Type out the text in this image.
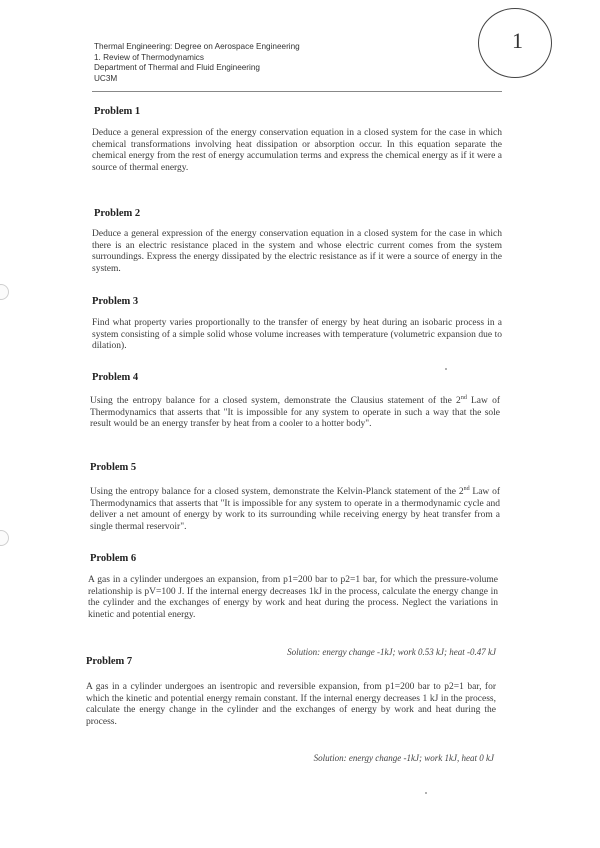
Thermal Engineering: Degree on Aerospace Engineering
1. Review of Thermodynamics
Department of Thermal and Fluid Engineering
UC3M
1
Problem 1
Deduce a general expression of the energy conservation equation in a closed system for the case in which chemical transformations involving heat dissipation or absorption occur. In this equation separate the chemical energy from the rest of energy accumulation terms and express the chemical energy as if it were a source of thermal energy.
Problem 2
Deduce a general expression of the energy conservation equation in a closed system for the case in which there is an electric resistance placed in the system and whose electric current comes from the system surroundings. Express the energy dissipated by the electric resistance as if it were a source of energy in the system.
Problem 3
Find what property varies proportionally to the transfer of energy by heat during an isobaric process in a system consisting of a simple solid whose volume increases with temperature (volumetric expansion due to dilation).
Problem 4
Using the entropy balance for a closed system, demonstrate the Clausius statement of the 2nd Law of Thermodynamics that asserts that "It is impossible for any system to operate in such a way that the sole result would be an energy transfer by heat from a cooler to a hotter body".
Problem 5
Using the entropy balance for a closed system, demonstrate the Kelvin-Planck statement of the 2nd Law of Thermodynamics that asserts that "It is impossible for any system to operate in a thermodynamic cycle and deliver a net amount of energy by work to its surrounding while receiving energy by heat transfer from a single thermal reservoir".
Problem 6
A gas in a cylinder undergoes an expansion, from p1=200 bar to p2=1 bar, for which the pressure-volume relationship is pV=100 J. If the internal energy decreases 1kJ in the process, calculate the energy change in the cylinder and the exchanges of energy by work and heat during the process. Neglect the variations in kinetic and potential energy.
Solution: energy change -1kJ; work 0.53 kJ; heat -0.47 kJ
Problem 7
A gas in a cylinder undergoes an isentropic and reversible expansion, from p1=200 bar to p2=1 bar, for which the kinetic and potential energy remain constant. If the internal energy decreases 1 kJ in the process, calculate the energy change in the cylinder and the exchanges of energy by work and heat during the process.
Solution: energy change -1kJ; work 1kJ, heat 0 kJ
